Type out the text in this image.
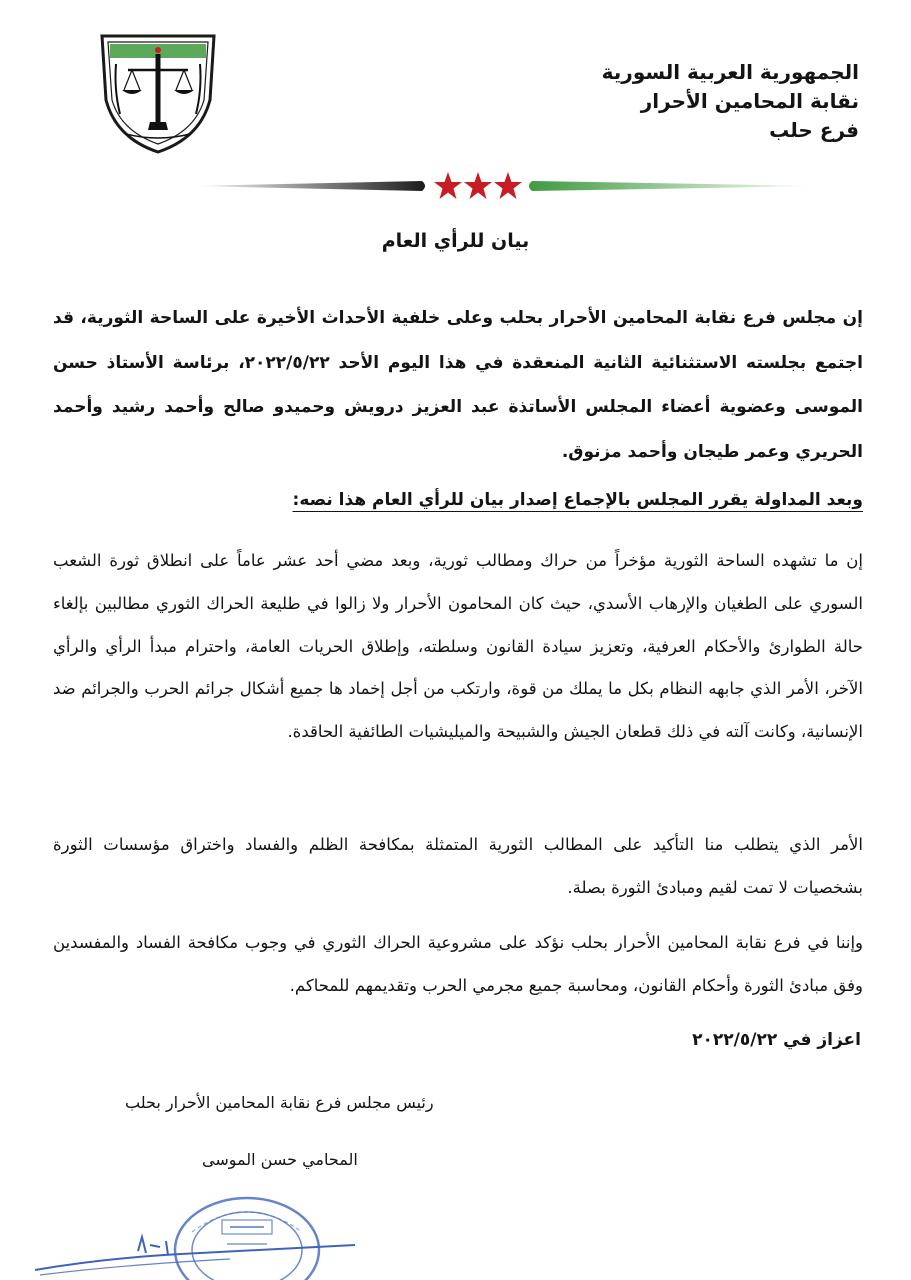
الجمهورية العربية السورية
نقابة المحامين الأحرار
فرع حلب
بيان للرأي العام
إن مجلس فرع نقابة المحامين الأحرار بحلب وعلى خلفية الأحداث الأخيرة على الساحة الثورية، قد اجتمع بجلسته الاستثنائية الثانية المنعقدة في هذا اليوم الأحد ٢٠٢٢/٥/٢٢، برئاسة الأستاذ حسن الموسى وعضوية أعضاء المجلس الأساتذة عبد العزيز درويش وحميدو صالح وأحمد رشيد وأحمد الحريري وعمر طيجان وأحمد مزنوق.
وبعد المداولة يقرر المجلس بالإجماع إصدار بيان للرأي العام هذا نصه:
إن ما تشهده الساحة الثورية مؤخراً من حراك ومطالب ثورية، وبعد مضي أحد عشر عاماً على انطلاق ثورة الشعب السوري على الطغيان والإرهاب الأسدي، حيث كان المحامون الأحرار ولا زالوا في طليعة الحراك الثوري مطالبين بإلغاء حالة الطوارئ والأحكام العرفية، وتعزيز سيادة القانون وسلطته، وإطلاق الحريات العامة، واحترام مبدأ الرأي والرأي الآخر، الأمر الذي جابهه النظام بكل ما يملك من قوة، وارتكب من أجل إخماد ها جميع أشكال جرائم الحرب والجرائم ضد الإنسانية، وكانت آلته في ذلك قطعان الجيش والشبيحة والميليشيات الطائفية الحاقدة.
الأمر الذي يتطلب منا التأكيد على المطالب الثورية المتمثلة بمكافحة الظلم والفساد واختراق مؤسسات الثورة بشخصيات لا تمت لقيم ومبادئ الثورة بصلة.
وإننا في فرع نقابة المحامين الأحرار بحلب نؤكد على مشروعية الحراك الثوري في وجوب مكافحة الفساد والمفسدين وفق مبادئ الثورة وأحكام القانون، ومحاسبة جميع مجرمي الحرب وتقديمهم للمحاكم.
اعزاز في ٢٠٢٢/٥/٢٢
رئيس مجلس فرع نقابة المحامين الأحرار بحلب
المحامي حسن الموسى
